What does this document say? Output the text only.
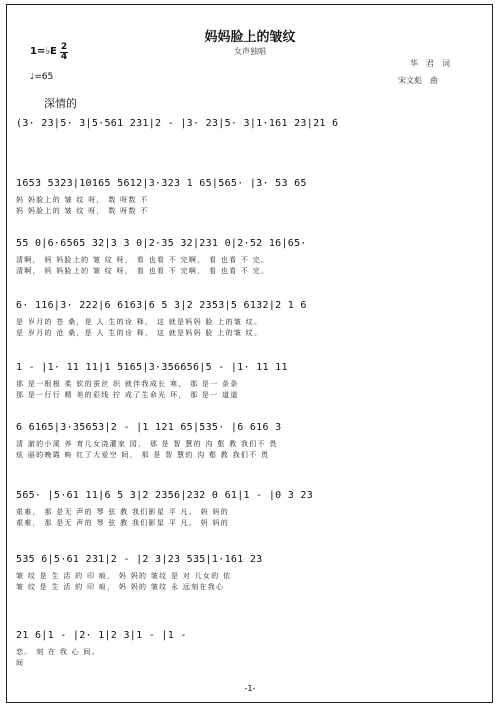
妈妈脸上的皱纹
女声独唱
1=♭E 2
4
♩=65
华　君　词
宋文彪　曲
深情的
(3· 23|5· 3|5·561 231|2 - |3· 23|5· 3|1·161 23|21 6
1653 5323|10165 5612|3·323 1 65|565· |3· 53 65
妈 妈脸上的 皱 纹 呀， 数 呀数 不
妈 妈脸上的 皱 纹 呀， 数 呀数 不
55 0|6·6565 32|3 3 0|2·35 32|231 0|2·52 16|65·
清啊， 妈 妈脸上的 皱 纹 呀， 看 也看 不 完啊， 看 也看 不 完。
清啊， 妈 妈脸上的 皱 纹 呀， 看 也看 不 完啊， 看 也看 不 完。
6· 116|3· 222|6 6163|6 5 3|2 2353|5 6132|2 1 6
是 岁月的 苍 桑，是 人 生的诠 释， 这 就是妈妈 脸 上的皱 纹。
是 岁月的 沧 桑，是 人 生的诠 释， 这 就是妈妈 脸 上的皱 纹。
1 - |1· 11 11|1 5165|3·356656|5 - |1· 11 11
那 是一根根 柔 软的蚕丝 织 就伴我成长 寒， 那 是一 条条
那 是一行行 精 美的彩线 拧 成了生命光 环， 那 是一 道道
6 6165|3·35653|2 - |1 121 65|535· |6 616 3
清 澈的小溪 养 育儿女浇灌家 园， 那 是 智 慧的 沟 壑 教 我们不 畏
炫 丽的晚霞 映 红了大爱空 间， 那 是 智 慧的 沟 壑 教 我们不 畏
565· |5·61 11|6 5 3|2 2356|232 0 61|1 - |0 3 23
艰难， 那 是无 声的 琴 弦 教 我们影星 平 凡。 妈 妈的
艰难， 那 是无 声的 琴 弦 教 我们影星 平 凡。 妈 妈的
535 6|5·61 231|2 - |2 3|23 535|1·161 23
皱 纹 是 生 活 的 印 痕， 妈 妈的 皱纹 是 对 儿女的 依
皱 纹 是 生 活 的 印 痕， 妈 妈的 皱纹 永 远刻在我心
21 6|1 - |2· 1|2 3|1 - |1 -
恋。 刻 在 我 心 间。
间
-1-
